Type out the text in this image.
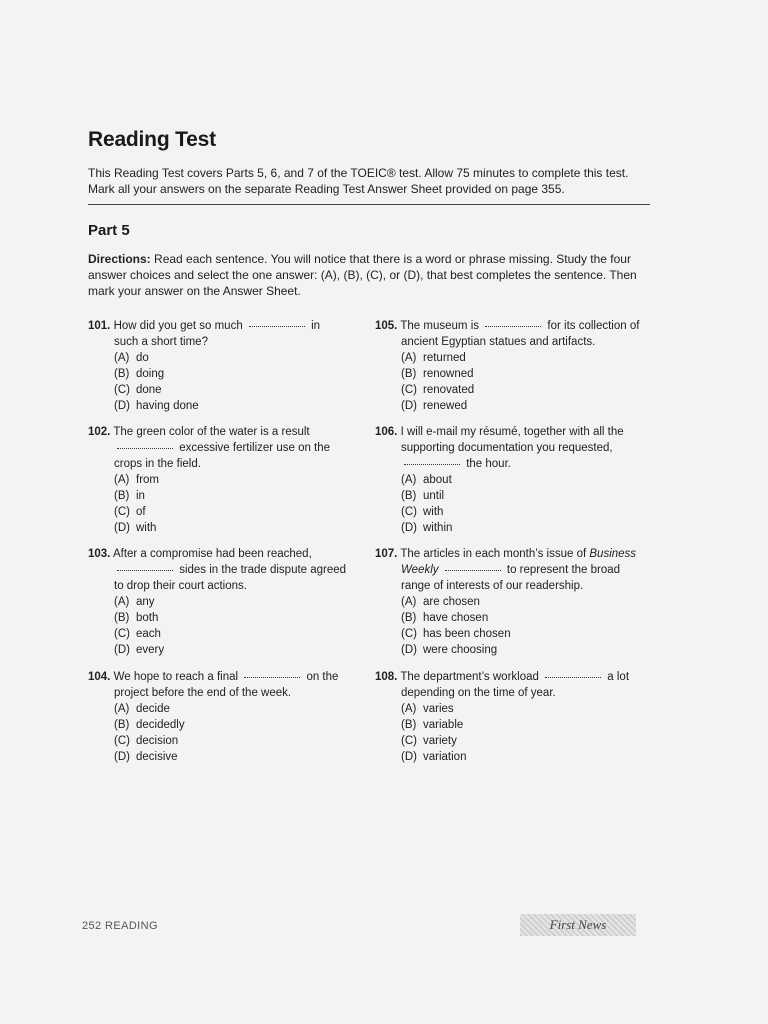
Reading Test
This Reading Test covers Parts 5, 6, and 7 of the TOEIC® test. Allow 75 minutes to complete this test.
Mark all your answers on the separate Reading Test Answer Sheet provided on page 355.
Part 5
Directions: Read each sentence. You will notice that there is a word or phrase missing. Study the four
answer choices and select the one answer: (A), (B), (C), or (D), that best completes the sentence. Then
mark your answer on the Answer Sheet.
101. How did you get so much	in
such a short time?
(A) do
(B) doing
(C) done
(D) having done
102. The green color of the water is a result
excessive fertilizer use on the
crops in the field.
(A) from
(B) in
(C) of
(D) with
103. After a compromise had been reached,
sides in the trade dispute agreed
to drop their court actions.
(A) any
(B) both
(C) each
(D) every
104. We hope to reach a final	on the
project before the end of the week.
(A) decide
(B) decidedly
(C) decision
(D) decisive
105. The museum is	for its collection of
ancient Egyptian statues and artifacts.
(A) returned
(B) renowned
(C) renovated
(D) renewed
106. I will e-mail my résumé, together with all the
supporting documentation you requested,
the hour.
(A) about
(B) until
(C) with
(D) within
107. The articles in each month’s issue of Business
Weekly	to represent the broad
range of interests of our readership.
(A) are chosen
(B) have chosen
(C) has been chosen
(D) were choosing
108. The department’s workload	a lot
depending on the time of year.
(A) varies
(B) variable
(C) variety
(D) variation
252 READING	First News
